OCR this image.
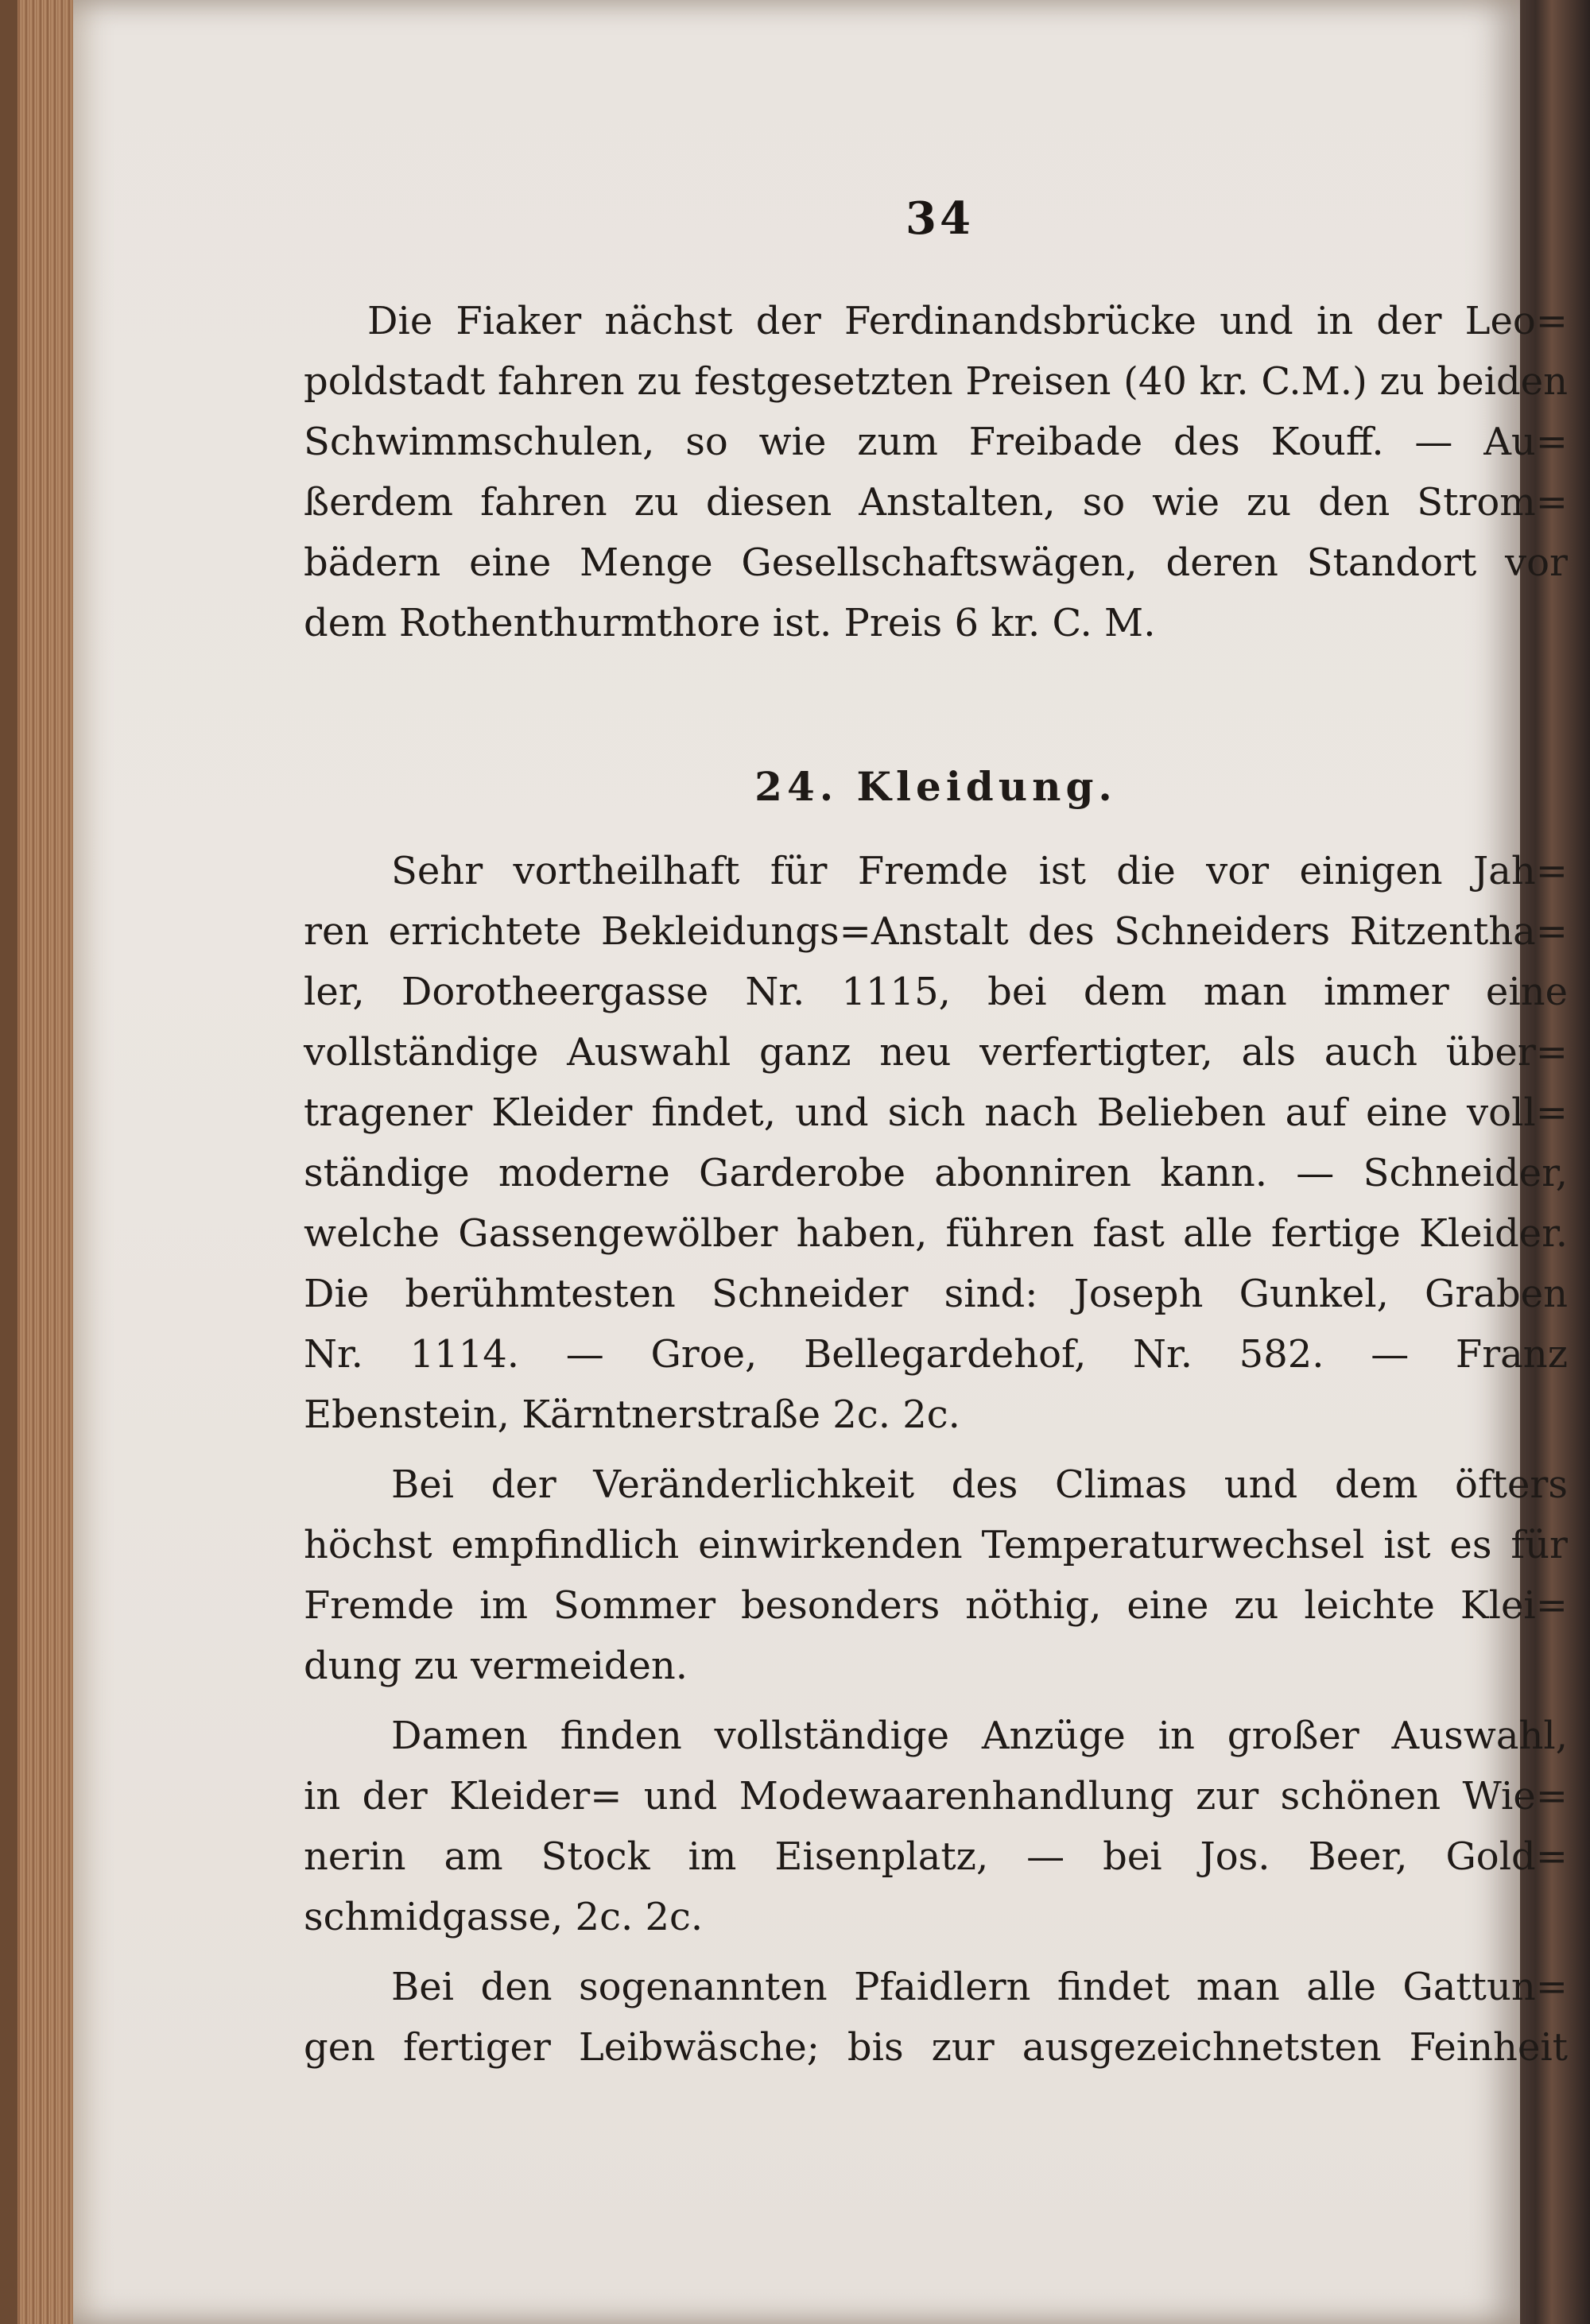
34
Die Fiaker nächst der Ferdinandsbrücke und in der Leo=
poldstadt fahren zu festgesetzten Preisen (40 kr. C.M.) zu beiden
Schwimmschulen, so wie zum Freibade des Kouff. — Au=
ßerdem fahren zu diesen Anstalten, so wie zu den Strom=
bädern eine Menge Gesellschaftswägen, deren Standort vor
dem Rothenthurmthore ist. Preis 6 kr. C. M.
24. Kleidung.
Sehr vortheilhaft für Fremde ist die vor einigen Jah=
ren errichtete Bekleidungs=Anstalt des Schneiders Ritzentha=
ler, Dorotheergasse Nr. 1115, bei dem man immer eine
vollständige Auswahl ganz neu verfertigter, als auch über=
tragener Kleider findet, und sich nach Belieben auf eine voll=
ständige moderne Garderobe abonniren kann. — Schneider,
welche Gassengewölber haben, führen fast alle fertige Kleider.
Die berühmtesten Schneider sind: Joseph Gunkel, Graben
Nr. 1114. — Groe, Bellegardehof, Nr. 582. — Franz
Ebenstein, Kärntnerstraße 2c. 2c.
Bei der Veränderlichkeit des Climas und dem öfters
höchst empfindlich einwirkenden Temperaturwechsel ist es für
Fremde im Sommer besonders nöthig, eine zu leichte Klei=
dung zu vermeiden.
Damen finden vollständige Anzüge in großer Auswahl,
in der Kleider= und Modewaarenhandlung zur schönen Wie=
nerin am Stock im Eisenplatz, — bei Jos. Beer, Gold=
schmidgasse, 2c. 2c.
Bei den sogenannten Pfaidlern findet man alle Gattun=
gen fertiger Leibwäsche; bis zur ausgezeichnetsten Feinheit
